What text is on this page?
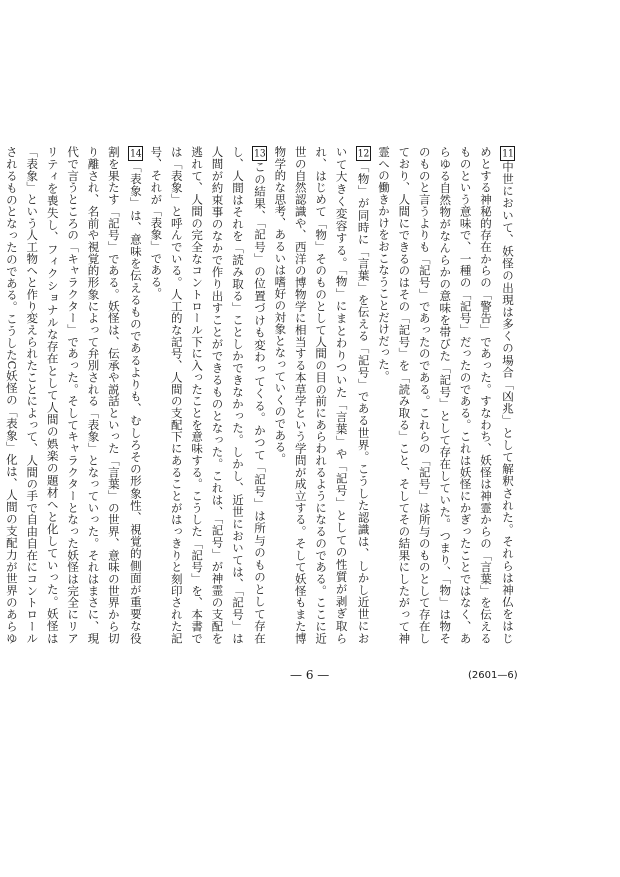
11中世において、妖怪の出現は多くの場合「凶兆」として解釈された。それらは神仏をはじめとする神秘的存在からの「警告」であった。すなわち、妖怪は神霊からの「言葉」を伝えるものという意味で、一種の「記号」だったのである。これは妖怪にかぎったことではなく、あらゆる自然物がなんらかの意味を帯びた「記号」として存在していた。つまり、「物」は物そのものと言うよりも「記号」であったのである。これらの「記号」は所与のものとして存在しており、人間にできるのはその「記号」を「読み取る」こと、そしてその結果にしたがって神霊への働きかけをおこなうことだけだった。

12「物」が同時に「言葉」を伝える「記号」である世界。こうした認識は、しかし近世において大きく変容する。「物」にまとわりついた「言葉」や「記号」としての性質が剥ぎ取られ、はじめて「物」そのものとして人間の目の前にあらわれるようになるのである。ここに近世の自然認識や、西洋の博物学に相当する本草学という学問が成立する。そして妖怪もまた博物学的な思考、あるいは嗜好の対象となっていくのである。

13この結果、「記号」の位置づけも変わってくる。かつて「記号」は所与のものとして存在し、人間はそれを「読み取る」ことしかできなかった。しかし、近世においては、「記号」は人間が約束事のなかで作り出すことができるものとなった。これは、「記号」が神霊の支配を逃れて、人間の完全なコントロール下に入ったことを意味する。こうした「記号」を、本書では「表象」と呼んでいる。人工的な記号、人間の支配下にあることがはっきりと刻印された記号、それが「表象」である。

14「表象」は、意味を伝えるものであるよりも、むしろその形象性、視覚的側面が重要な役割を果たす「記号」である。妖怪は、伝承や説話といった「言葉」の世界、意味の世界から切り離され、名前や視覚的形象によって弁別される「表象」となっていった。それはまさに、現代で言うところの「キャラクター」であった。そしてキャラクターとなった妖怪は完全にリアリティを喪失し、フィクショナルな存在として人間の娯楽の題材へと化していった。妖怪は「表象」という人工物へと作り変えられたことによって、人間の手で自由自在にコントロールされるものとなったのである。こうしたC妖怪の「表象」化は、人間の支配力が世界のあらゆ

— 6 —	(2601—6)
